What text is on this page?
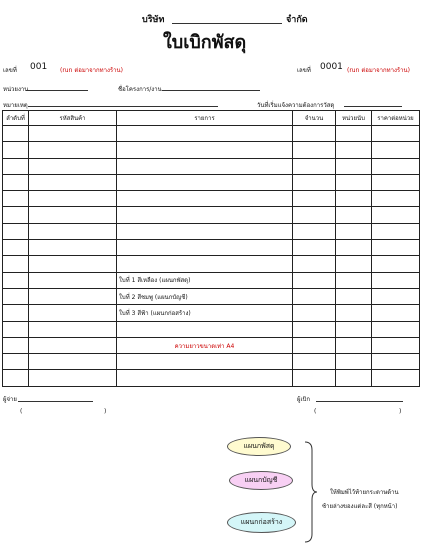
บริษัท	จำกัด
ใบเบิกพัสดุ
เลขที่ 001 (run ต่อมาจากทางร้าน)	เลขที่ 0001 (run ต่อมาจากทางร้าน)
หน่วยงาน	ชื่อโครงการ/งาน
หมายเหตุ	วันที่เริ่มแจ้งความต้องการวัสดุ
ลำดับที่	รหัสสินค้า	รายการ	จำนวน	หน่วยนับ	ราคาต่อหน่วย

		ใบที่ 1 สีเหลือง (แผนกพัสดุ)			
		ใบที่ 2 สีชมพู (แผนกบัญชี)			
		ใบที่ 3 สีฟ้า (แผนกก่อสร้าง)			

		ความยาวขนาดเท่า A4			

ผู้จ่าย
(	)
ผู้เบิก
(	)
แผนกพัสดุ
แผนกบัญชี
แผนกก่อสร้าง
ให้พิมพ์ไว้ท้ายกระดาษด้าน
ซ้ายล่างของแต่ละสี (ทุกหน้า)
